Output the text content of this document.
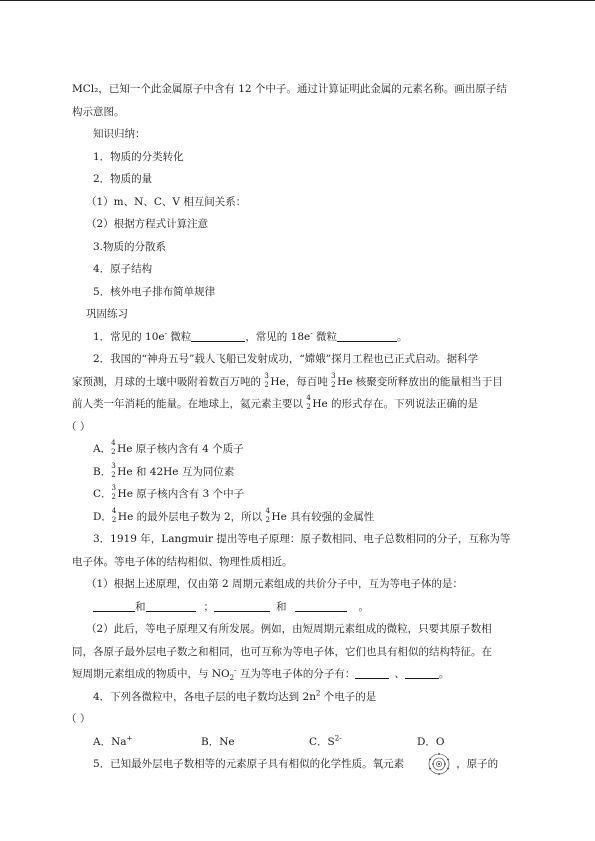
MCl₂，已知一个此金属原子中含有 12 个中子。通过计算证明此金属的元素名称。画出原子结
构示意图。
知识归纳：
1．物质的分类转化
2．物质的量
（1）m、N、C、V 相互间关系：
（2）根据方程式计算注意
3.物质的分散系
4．原子结构
5．核外电子排布简单规律
巩固练习
1．常见的 10e- 微粒	，常见的 18e- 微粒	。
2．我国的“神舟五号”载人飞船已发射成功，“嫦娥”探月工程也已正式启动。据科学
家预测，月球的土壤中吸附着数百万吨的 3
2 He，每百吨 3
2 He 核聚变所释放出的能量相当于目
前人类一年消耗的能量。在地球上，氦元素主要以 4
2 He 的形式存在。下列说法正确的是
（ ）
A． 4
2 He 原子核内含有 4 个质子
B． 3
2 He 和 42He 互为同位素
C． 3
2 He 原子核内含有 3 个中子
D． 4
2 He 的最外层电子数为 2，所以 4
2 He 具有较强的金属性
3．1919 年，Langmuir 提出等电子原理：原子数相同、电子总数相同的分子，互称为等
电子体。等电子体的结构相似、物理性质相近。
（1）根据上述原理，仅由第 2 周期元素组成的共价分子中，互为等电子体的是：
和	；	和	。
（2）此后，等电子原理又有所发展。例如，由短周期元素组成的微粒，只要其原子数相
同，各原子最外层电子数之和相同，也可互称为等电子体，它们也具有相似的结构特征。在
短周期元素组成的物质中，与 $NO_2^-$ 互为等电子体的分子有：	、	。
4．下列各微粒中，各电子层的电子数均达到 $2n^2$ 个电子的是
（ ）
A．Na+	B．Ne	C．$S^{2-}$	D．O
5．已知最外层电子数相等的元素原子具有相似的化学性质。氧元素	，原子的
